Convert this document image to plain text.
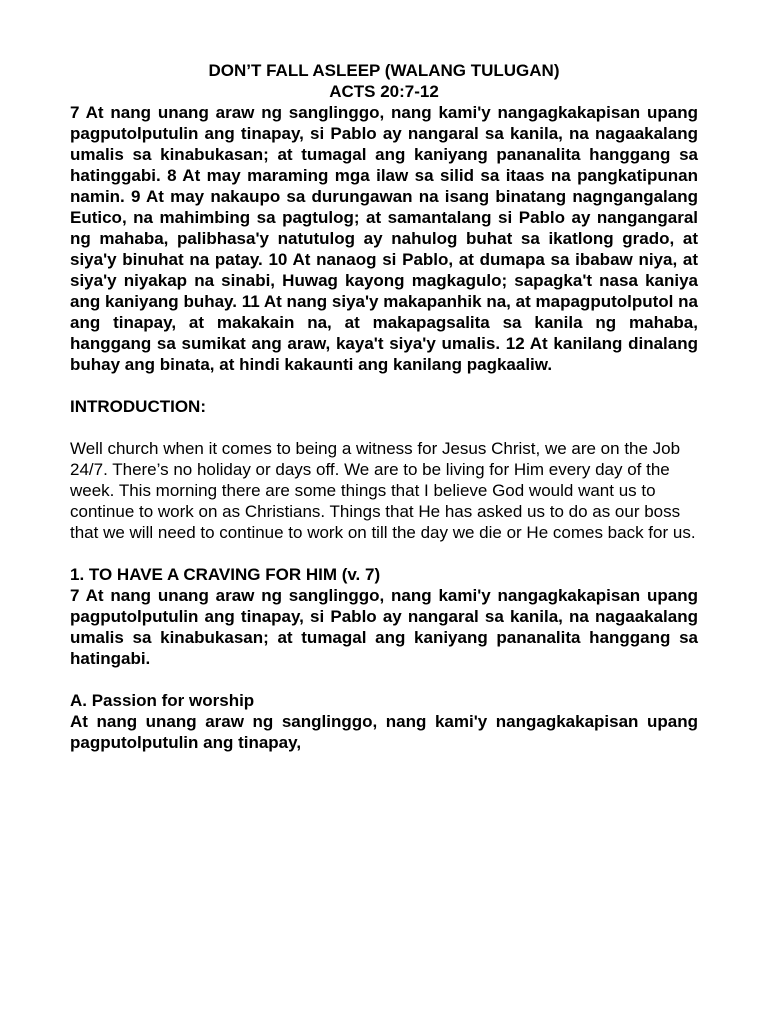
DON’T FALL ASLEEP (WALANG TULUGAN)

ACTS 20:7-12

7 At nang unang araw ng sanglinggo, nang kami'y nangagkakapisan upang pagputolputulin ang tinapay, si Pablo ay nangaral sa kanila, na nagaakalang umalis sa kinabukasan; at tumagal ang kaniyang pananalita hanggang sa hatinggabi. 8 At may maraming mga ilaw sa silid sa itaas na pangkatipunan namin. 9 At may nakaupo sa durungawan na isang binatang nagngangalang Eutico, na mahimbing sa pagtulog; at samantalang si Pablo ay nangangaral ng mahaba, palibhasa'y natutulog ay nahulog buhat sa ikatlong grado, at siya'y binuhat na patay. 10 At nanaog si Pablo, at dumapa sa ibabaw niya, at siya'y niyakap na sinabi, Huwag kayong magkagulo; sapagka't nasa kaniya ang kaniyang buhay. 11 At nang siya'y makapanhik na, at mapagputolputol na ang tinapay, at makakain na, at makapagsalita sa kanila ng mahaba, hanggang sa sumikat ang araw, kaya't siya'y umalis. 12 At kanilang dinalang buhay ang binata, at hindi kakaunti ang kanilang pagkaaliw.

INTRODUCTION:

Well church when it comes to being a witness for Jesus Christ, we are on the Job 24/7. There’s no holiday or days off. We are to be living for Him every day of the week. This morning there are some things that I believe God would want us to continue to work on as Christians. Things that He has asked us to do as our boss that we will need to continue to work on till the day we die or He comes back for us.

1. TO HAVE A CRAVING FOR HIM (v. 7)

7 At nang unang araw ng sanglinggo, nang kami'y nangagkakapisan upang pagputolputulin ang tinapay, si Pablo ay nangaral sa kanila, na nagaakalang umalis sa kinabukasan; at tumagal ang kaniyang pananalita hanggang sa hatingabi.

A. Passion for worship

At nang unang araw ng sanglinggo, nang kami'y nangagkakapisan upang pagputolputulin ang tinapay,
